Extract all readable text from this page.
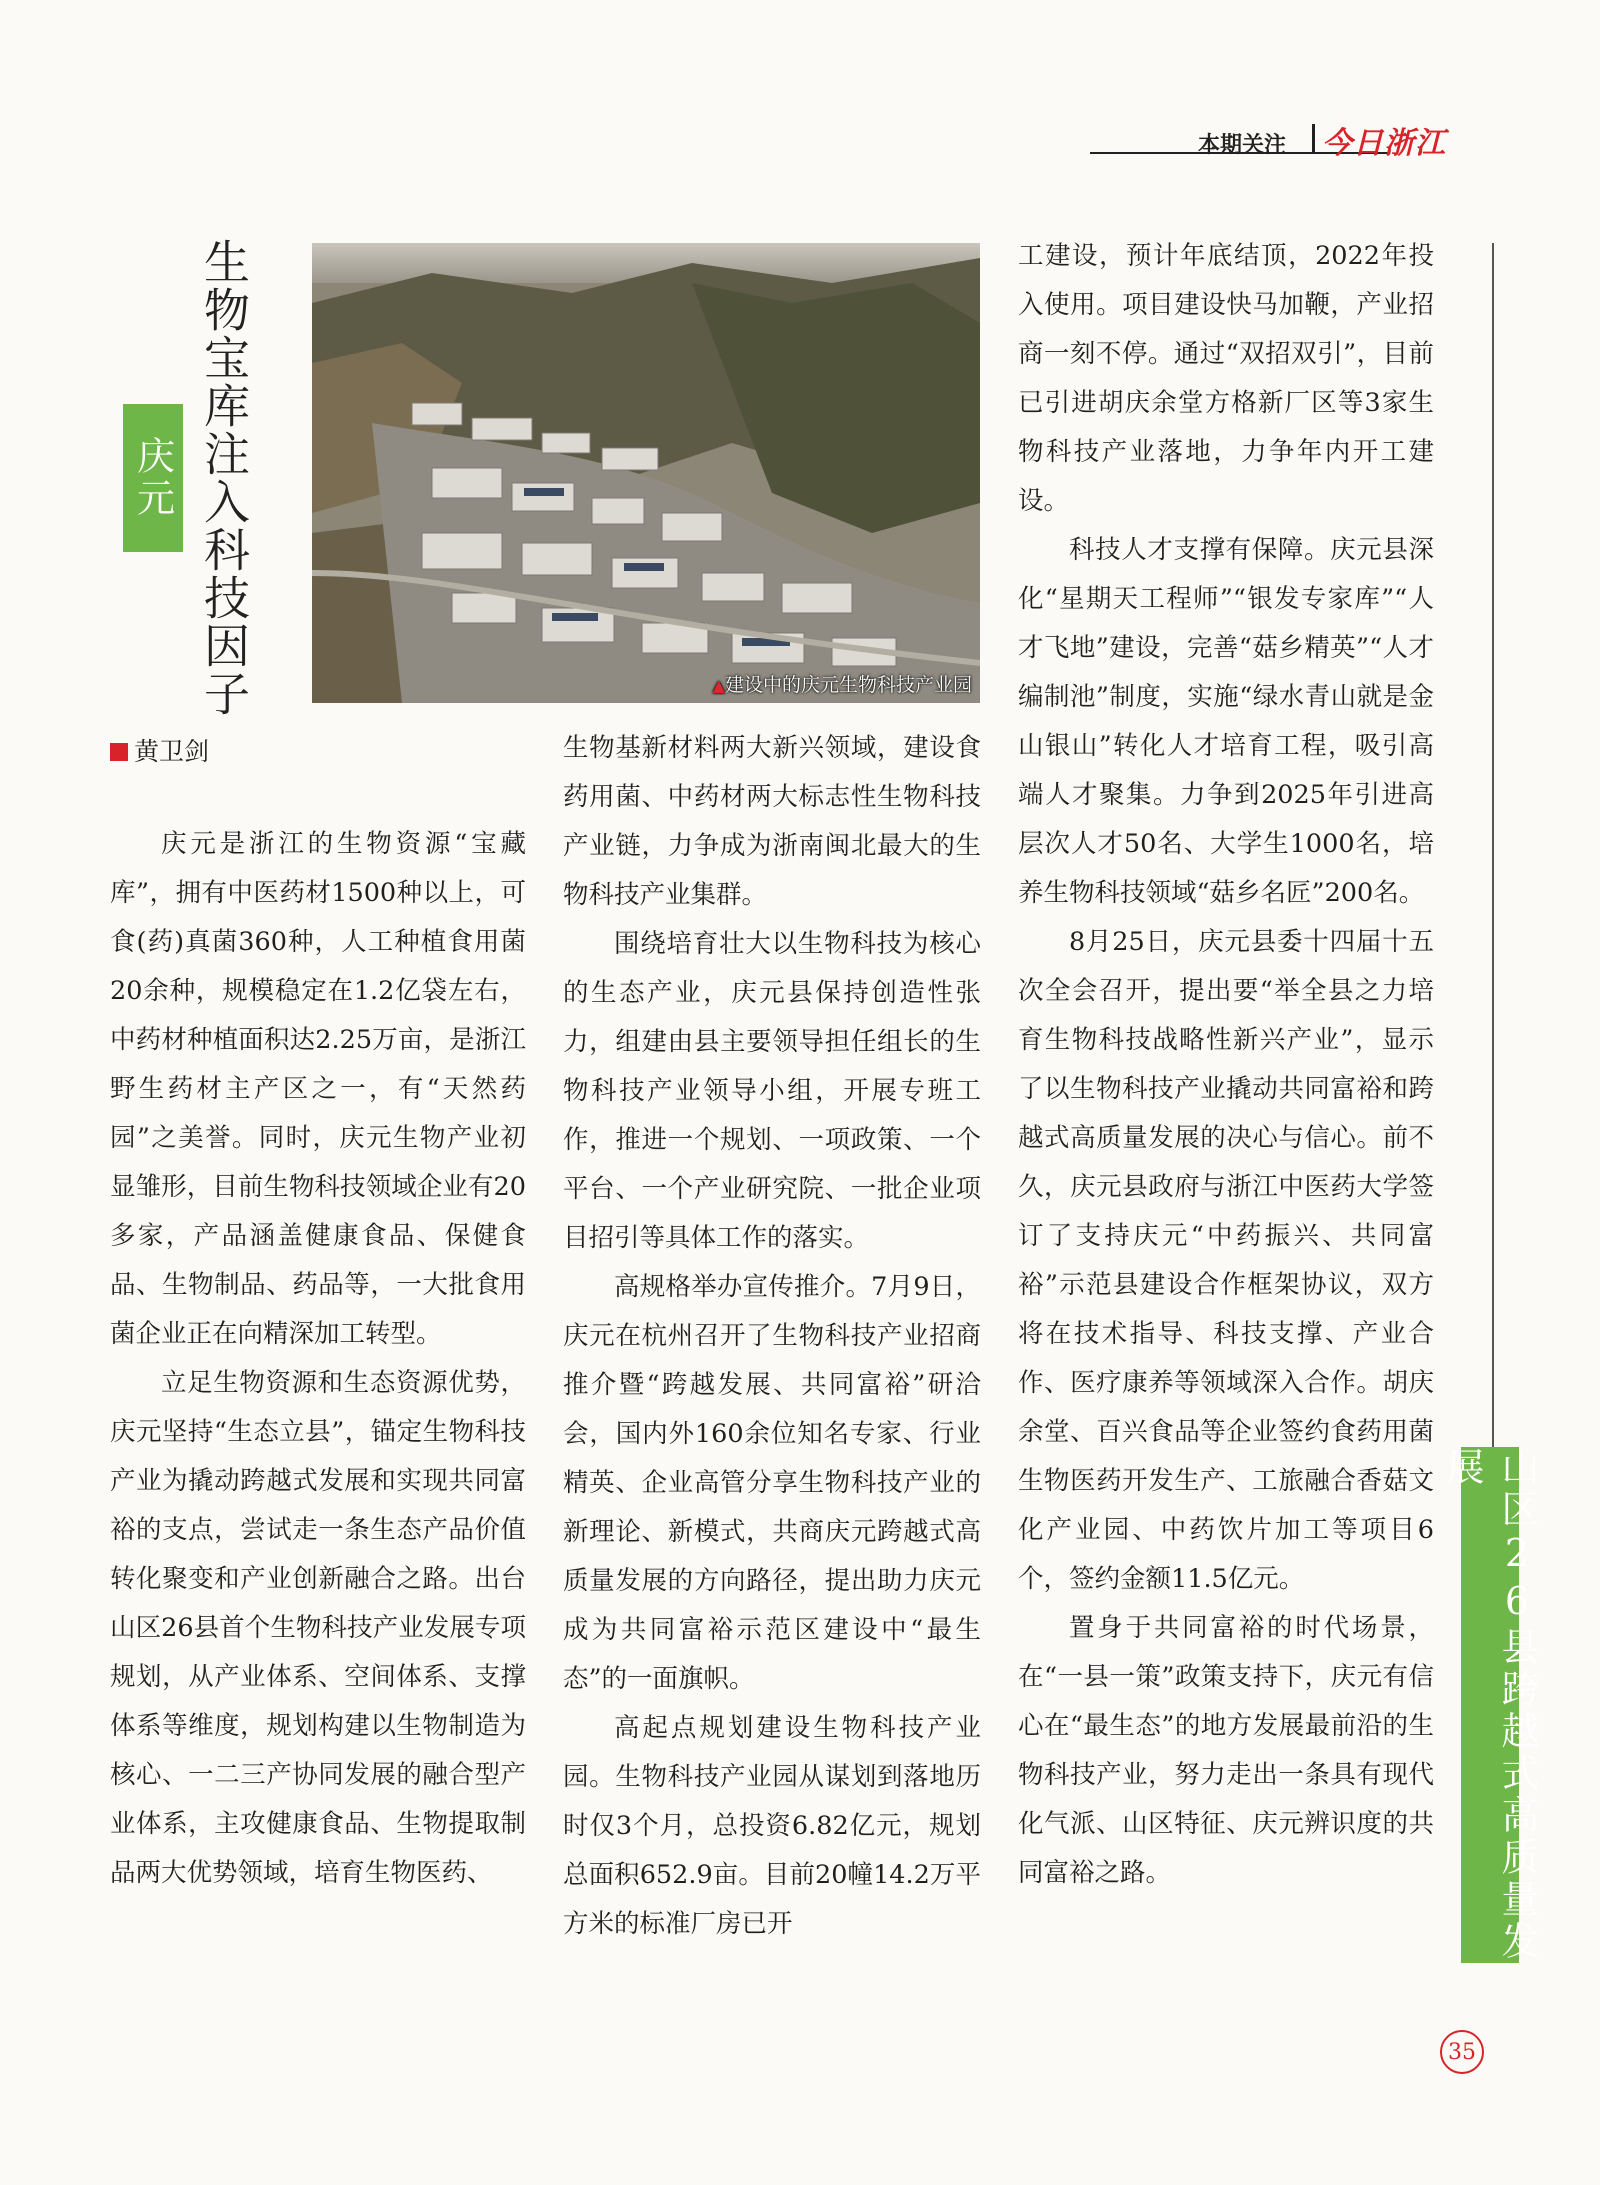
本期关注 今日浙江
庆元 生物宝库注入科技因子	▲建设中的庆元生物科技产业园
黄卫剑

庆元是浙江的生物资源“宝藏库”，拥有中医药材1500种以上，可食(药)真菌360种，人工种植食用菌20余种，规模稳定在1.2亿袋左右，中药材种植面积达2.25万亩，是浙江野生药材主产区之一，有“天然药园”之美誉。同时，庆元生物产业初显雏形，目前生物科技领域企业有20多家，产品涵盖健康食品、保健食品、生物制品、药品等，一大批食用菌企业正在向精深加工转型。

立足生物资源和生态资源优势，庆元坚持“生态立县”，锚定生物科技产业为撬动跨越式发展和实现共同富裕的支点，尝试走一条生态产品价值转化聚变和产业创新融合之路。出台山区26县首个生物科技产业发展专项规划，从产业体系、空间体系、支撑体系等维度，规划构建以生物制造为核心、一二三产协同发展的融合型产业体系，主攻健康食品、生物提取制品两大优势领域，培育生物医药、

生物基新材料两大新兴领域，建设食药用菌、中药材两大标志性生物科技产业链，力争成为浙南闽北最大的生物科技产业集群。

围绕培育壮大以生物科技为核心的生态产业，庆元县保持创造性张力，组建由县主要领导担任组长的生物科技产业领导小组，开展专班工作，推进一个规划、一项政策、一个平台、一个产业研究院、一批企业项目招引等具体工作的落实。

高规格举办宣传推介。7月9日，庆元在杭州召开了生物科技产业招商推介暨“跨越发展、共同富裕”研洽会，国内外160余位知名专家、行业精英、企业高管分享生物科技产业的新理论、新模式，共商庆元跨越式高质量发展的方向路径，提出助力庆元成为共同富裕示范区建设中“最生态”的一面旗帜。

高起点规划建设生物科技产业园。生物科技产业园从谋划到落地历时仅3个月，总投资6.82亿元，规划总面积652.9亩。目前20幢14.2万平方米的标准厂房已开

工建设，预计年底结顶，2022年投入使用。项目建设快马加鞭，产业招商一刻不停。通过“双招双引”，目前已引进胡庆余堂方格新厂区等3家生物科技产业落地，力争年内开工建设。

科技人才支撑有保障。庆元县深化“星期天工程师”“银发专家库”“人才飞地”建设，完善“菇乡精英”“人才编制池”制度，实施“绿水青山就是金山银山”转化人才培育工程，吸引高端人才聚集。力争到2025年引进高层次人才50名、大学生1000名，培养生物科技领域“菇乡名匠”200名。

8月25日，庆元县委十四届十五次全会召开，提出要“举全县之力培育生物科技战略性新兴产业”，显示了以生物科技产业撬动共同富裕和跨越式高质量发展的决心与信心。前不久，庆元县政府与浙江中医药大学签订了支持庆元“中药振兴、共同富裕”示范县建设合作框架协议，双方将在技术指导、科技支撑、产业合作、医疗康养等领域深入合作。胡庆余堂、百兴食品等企业签约食药用菌生物医药开发生产、工旅融合香菇文化产业园、中药饮片加工等项目6个，签约金额11.5亿元。

置身于共同富裕的时代场景，在“一县一策”政策支持下，庆元有信心在“最生态”的地方发展最前沿的生物科技产业，努力走出一条具有现代化气派、山区特征、庆元辨识度的共同富裕之路。	山区26县跨越式高质量发展
35
